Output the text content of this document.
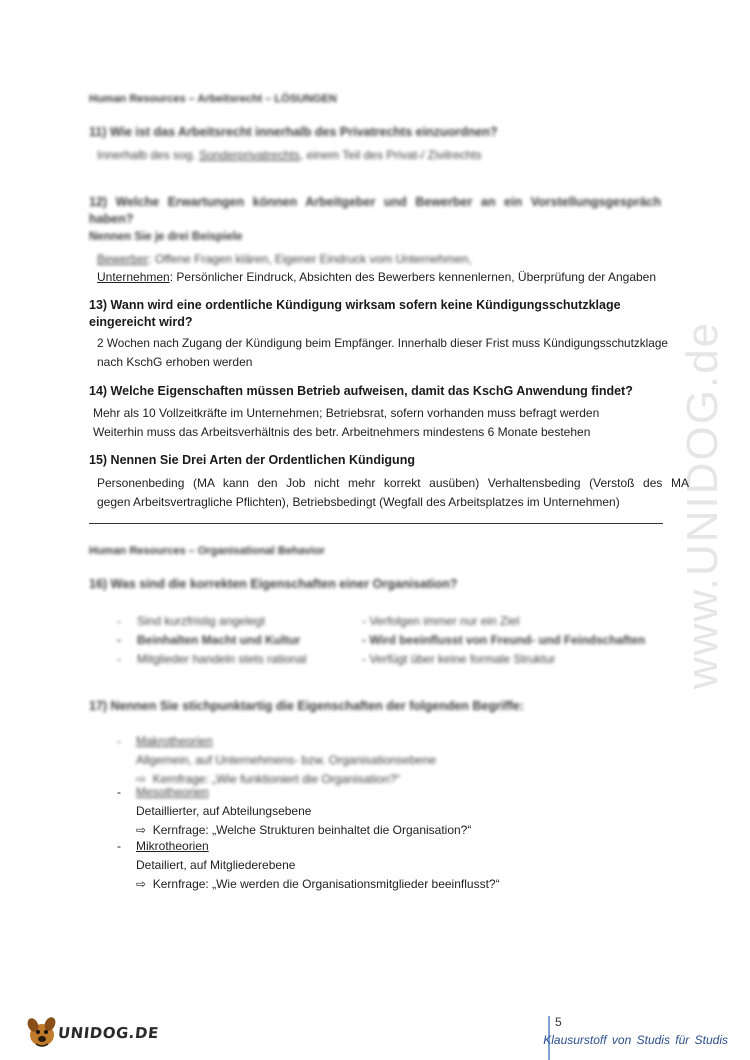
www.UNIDOG.de
Human Resources – Arbeitsrecht – LÖSUNGEN
11) Wie ist das Arbeitsrecht innerhalb des Privatrechts einzuordnen?
Innerhalb des sog. Sonderprivatrechts, einem Teil des Privat-/ Zivilrechts
12) Welche Erwartungen können Arbeitgeber und Bewerber an ein Vorstellungsgespräch haben?
Nennen Sie je drei Beispiele
Bewerber: Offene Fragen klären, Eigener Eindruck vom Unternehmen,
Unternehmen: Persönlicher Eindruck, Absichten des Bewerbers kennenlernen, Überprüfung der Angaben
13) Wann wird eine ordentliche Kündigung wirksam sofern keine Kündigungsschutzklage
eingereicht wird?
2 Wochen nach Zugang der Kündigung beim Empfänger. Innerhalb dieser Frist muss Kündigungsschutzklage
nach KschG erhoben werden
14) Welche Eigenschaften müssen Betrieb aufweisen, damit das KschG Anwendung findet?
Mehr als 10 Vollzeitkräfte im Unternehmen; Betriebsrat, sofern vorhanden muss befragt werden
Weiterhin muss das Arbeitsverhältnis des betr. Arbeitnehmers mindestens 6 Monate bestehen
15) Nennen Sie Drei Arten der Ordentlichen Kündigung
Personenbeding (MA kann den Job nicht mehr korrekt ausüben) Verhaltensbeding (Verstoß des MA
gegen Arbeitsvertragliche Pflichten), Betriebsbedingt (Wegfall des Arbeitsplatzes im Unternehmen)
Human Resources – Organisational Behavior
16) Was sind die korrekten Eigenschaften einer Organisation?
-	Sind kurzfristig angelegt	- Verfolgen immer nur ein Ziel
-	Beinhalten Macht und Kultur	- Wird beeinflusst von Freund- und Feindschaften
-	Mitglieder handeln stets rational	- Verfügt über keine formale Struktur
17) Nennen Sie stichpunktartig die Eigenschaften der folgenden Begriffe:
- Makrotheorien
Allgemein, auf Unternehmens- bzw. Organisationsebene
⇨ Kernfrage: „Wie funktioniert die Organisation?“
- Mesotheorien
Detaillierter, auf Abteilungsebene
⇨ Kernfrage: „Welche Strukturen beinhaltet die Organisation?“
- Mikrotheorien
Detailiert, auf Mitgliederebene
⇨ Kernfrage: „Wie werden die Organisationsmitglieder beeinflusst?“
UNIDOG.DE
5
Klausurstoff von Studis für Studis
